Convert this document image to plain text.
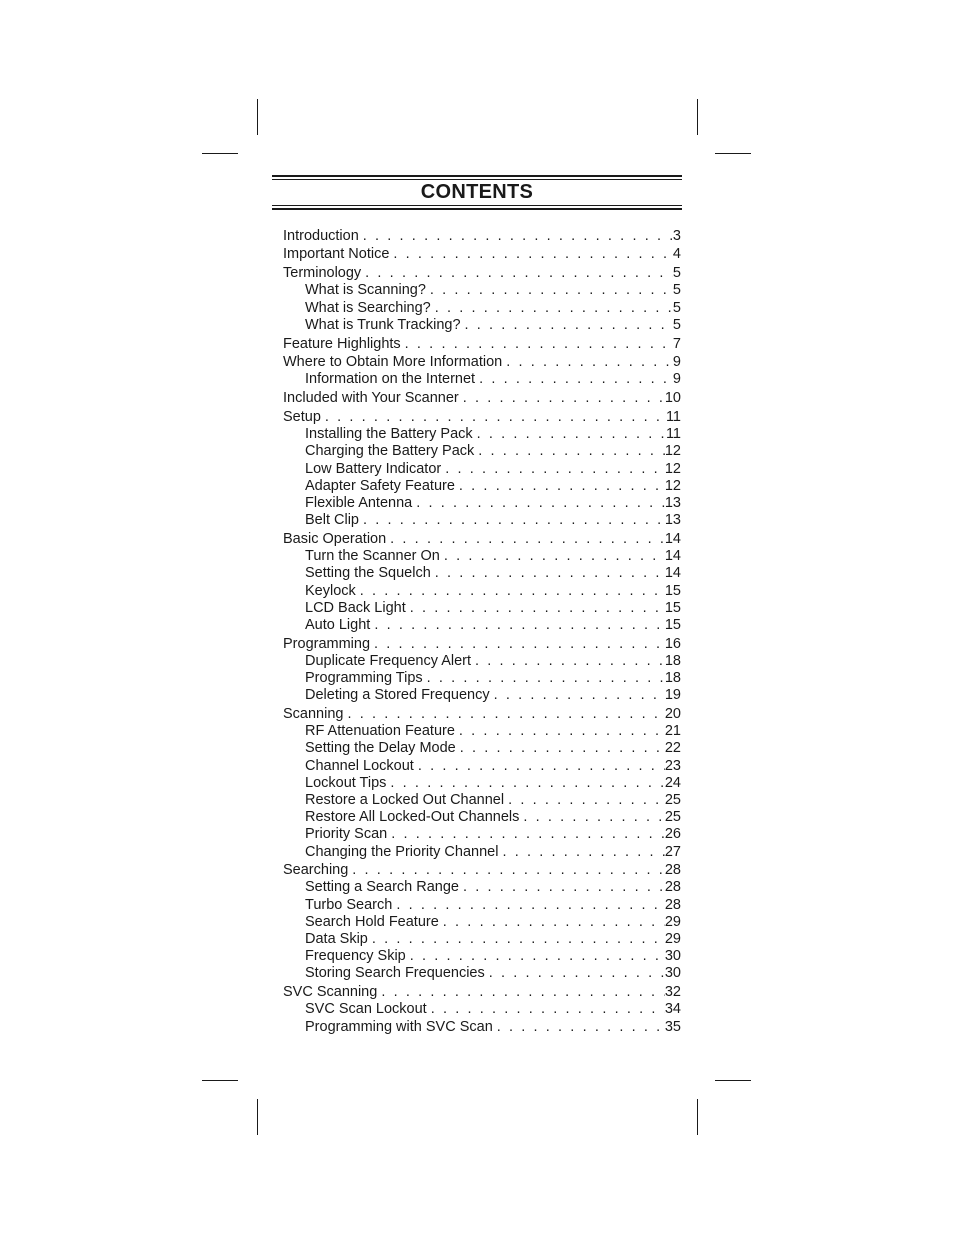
CONTENTS
Introduction . . .	3
Important Notice . . .	4
Terminology . . .	5
What is Scanning? . . .	5
What is Searching? . . .	5
What is Trunk Tracking? . . .	5
Feature Highlights . . .	7
Where to Obtain More Information . . .	9
Information on the Internet . . .	9
Included with Your Scanner . . .	10
Setup . . .	11
Installing the Battery Pack . . .	11
Charging the Battery Pack . . .	12
Low Battery Indicator . . .	12
Adapter Safety Feature . . .	12
Flexible Antenna . . .	13
Belt Clip . . .	13
Basic Operation . . .	14
Turn the Scanner On . . .	14
Setting the Squelch . . .	14
Keylock . . .	15
LCD Back Light . . .	15
Auto Light . . .	15
Programming . . .	16
Duplicate Frequency Alert . . .	18
Programming Tips . . .	18
Deleting a Stored Frequency . . .	19
Scanning . . .	20
RF Attenuation Feature . . .	21
Setting the Delay Mode . . .	22
Channel Lockout . . .	23
Lockout Tips . . .	24
Restore a Locked Out Channel . . .	25
Restore All Locked-Out Channels . . .	25
Priority Scan . . .	26
Changing the Priority Channel . . .	27
Searching . . .	28
Setting a Search Range . . .	28
Turbo Search . . .	28
Search Hold Feature . . .	29
Data Skip . . .	29
Frequency Skip . . .	30
Storing Search Frequencies . . .	30
SVC Scanning . . .	32
SVC Scan Lockout . . .	34
Programming with SVC Scan . . .	35
